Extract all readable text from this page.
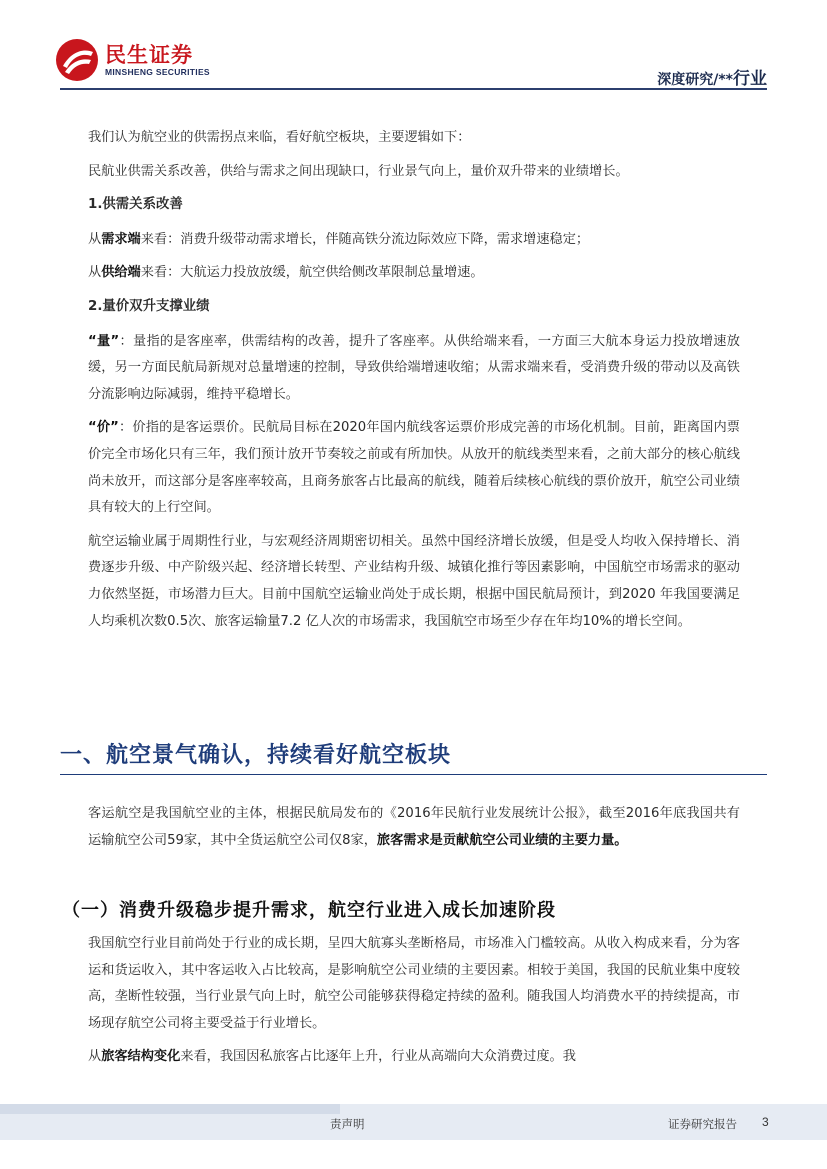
民生证券
MINSHENG SECURITIES	深度研究/**行业

我们认为航空业的供需拐点来临，看好航空板块，主要逻辑如下：

民航业供需关系改善，供给与需求之间出现缺口，行业景气向上，量价双升带来的业绩增长。

1.供需关系改善

从需求端来看：消费升级带动需求增长，伴随高铁分流边际效应下降，需求增速稳定；

从供给端来看：大航运力投放放缓，航空供给侧改革限制总量增速。

2.量价双升支撑业绩

“量”：量指的是客座率，供需结构的改善，提升了客座率。从供给端来看，一方面三大航本身运力投放增速放缓，另一方面民航局新规对总量增速的控制，导致供给端增速收缩；从需求端来看，受消费升级的带动以及高铁分流影响边际减弱，维持平稳增长。

“价”：价指的是客运票价。民航局目标在2020年国内航线客运票价形成完善的市场化机制。目前，距离国内票价完全市场化只有三年，我们预计放开节奏较之前或有所加快。从放开的航线类型来看，之前大部分的核心航线尚未放开，而这部分是客座率较高，且商务旅客占比最高的航线，随着后续核心航线的票价放开，航空公司业绩具有较大的上行空间。

航空运输业属于周期性行业，与宏观经济周期密切相关。虽然中国经济增长放缓，但是受人均收入保持增长、消费逐步升级、中产阶级兴起、经济增长转型、产业结构升级、城镇化推行等因素影响，中国航空市场需求的驱动力依然坚挺，市场潜力巨大。目前中国航空运输业尚处于成长期，根据中国民航局预计，到2020 年我国要满足人均乘机次数0.5次、旅客运输量7.2 亿人次的市场需求，我国航空市场至少存在年均10%的增长空间。

一、航空景气确认，持续看好航空板块

客运航空是我国航空业的主体，根据民航局发布的《2016年民航行业发展统计公报》，截至2016年底我国共有运输航空公司59家，其中全货运航空公司仅8家，旅客需求是贡献航空公司业绩的主要力量。

（一）消费升级稳步提升需求，航空行业进入成长加速阶段

我国航空行业目前尚处于行业的成长期，呈四大航寡头垄断格局，市场准入门槛较高。从收入构成来看，分为客运和货运收入，其中客运收入占比较高，是影响航空公司业绩的主要因素。相较于美国，我国的民航业集中度较高，垄断性较强，当行业景气向上时，航空公司能够获得稳定持续的盈利。随我国人均消费水平的持续提高，市场现存航空公司将主要受益于行业增长。

从旅客结构变化来看，我国因私旅客占比逐年上升，行业从高端向大众消费过度。我

责声明	证券研究报告 3
